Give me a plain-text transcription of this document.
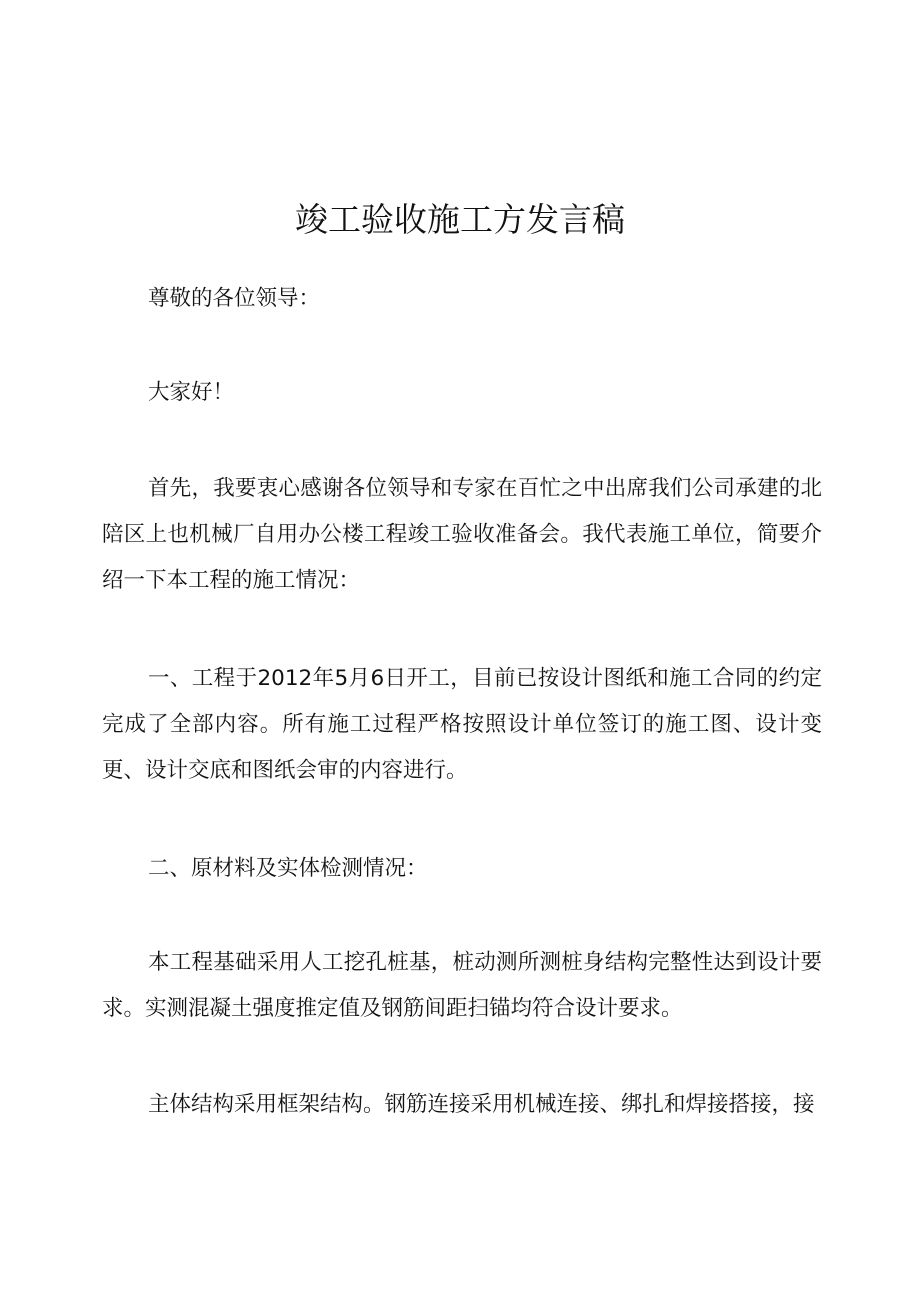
竣工验收施工方发言稿

尊敬的各位领导：

大家好！

首先，我要衷心感谢各位领导和专家在百忙之中出席我们公司承建的北陪区上也机械厂自用办公楼工程竣工验收准备会。我代表施工单位，简要介绍一下本工程的施工情况：

一、工程于2012年5月6日开工，目前已按设计图纸和施工合同的约定完成了全部内容。所有施工过程严格按照设计单位签订的施工图、设计变更、设计交底和图纸会审的内容进行。

二、原材料及实体检测情况：

本工程基础采用人工挖孔桩基，桩动测所测桩身结构完整性达到设计要求。实测混凝土强度推定值及钢筋间距扫锚均符合设计要求。

主体结构采用框架结构。钢筋连接采用机械连接、绑扎和焊接搭接，接
